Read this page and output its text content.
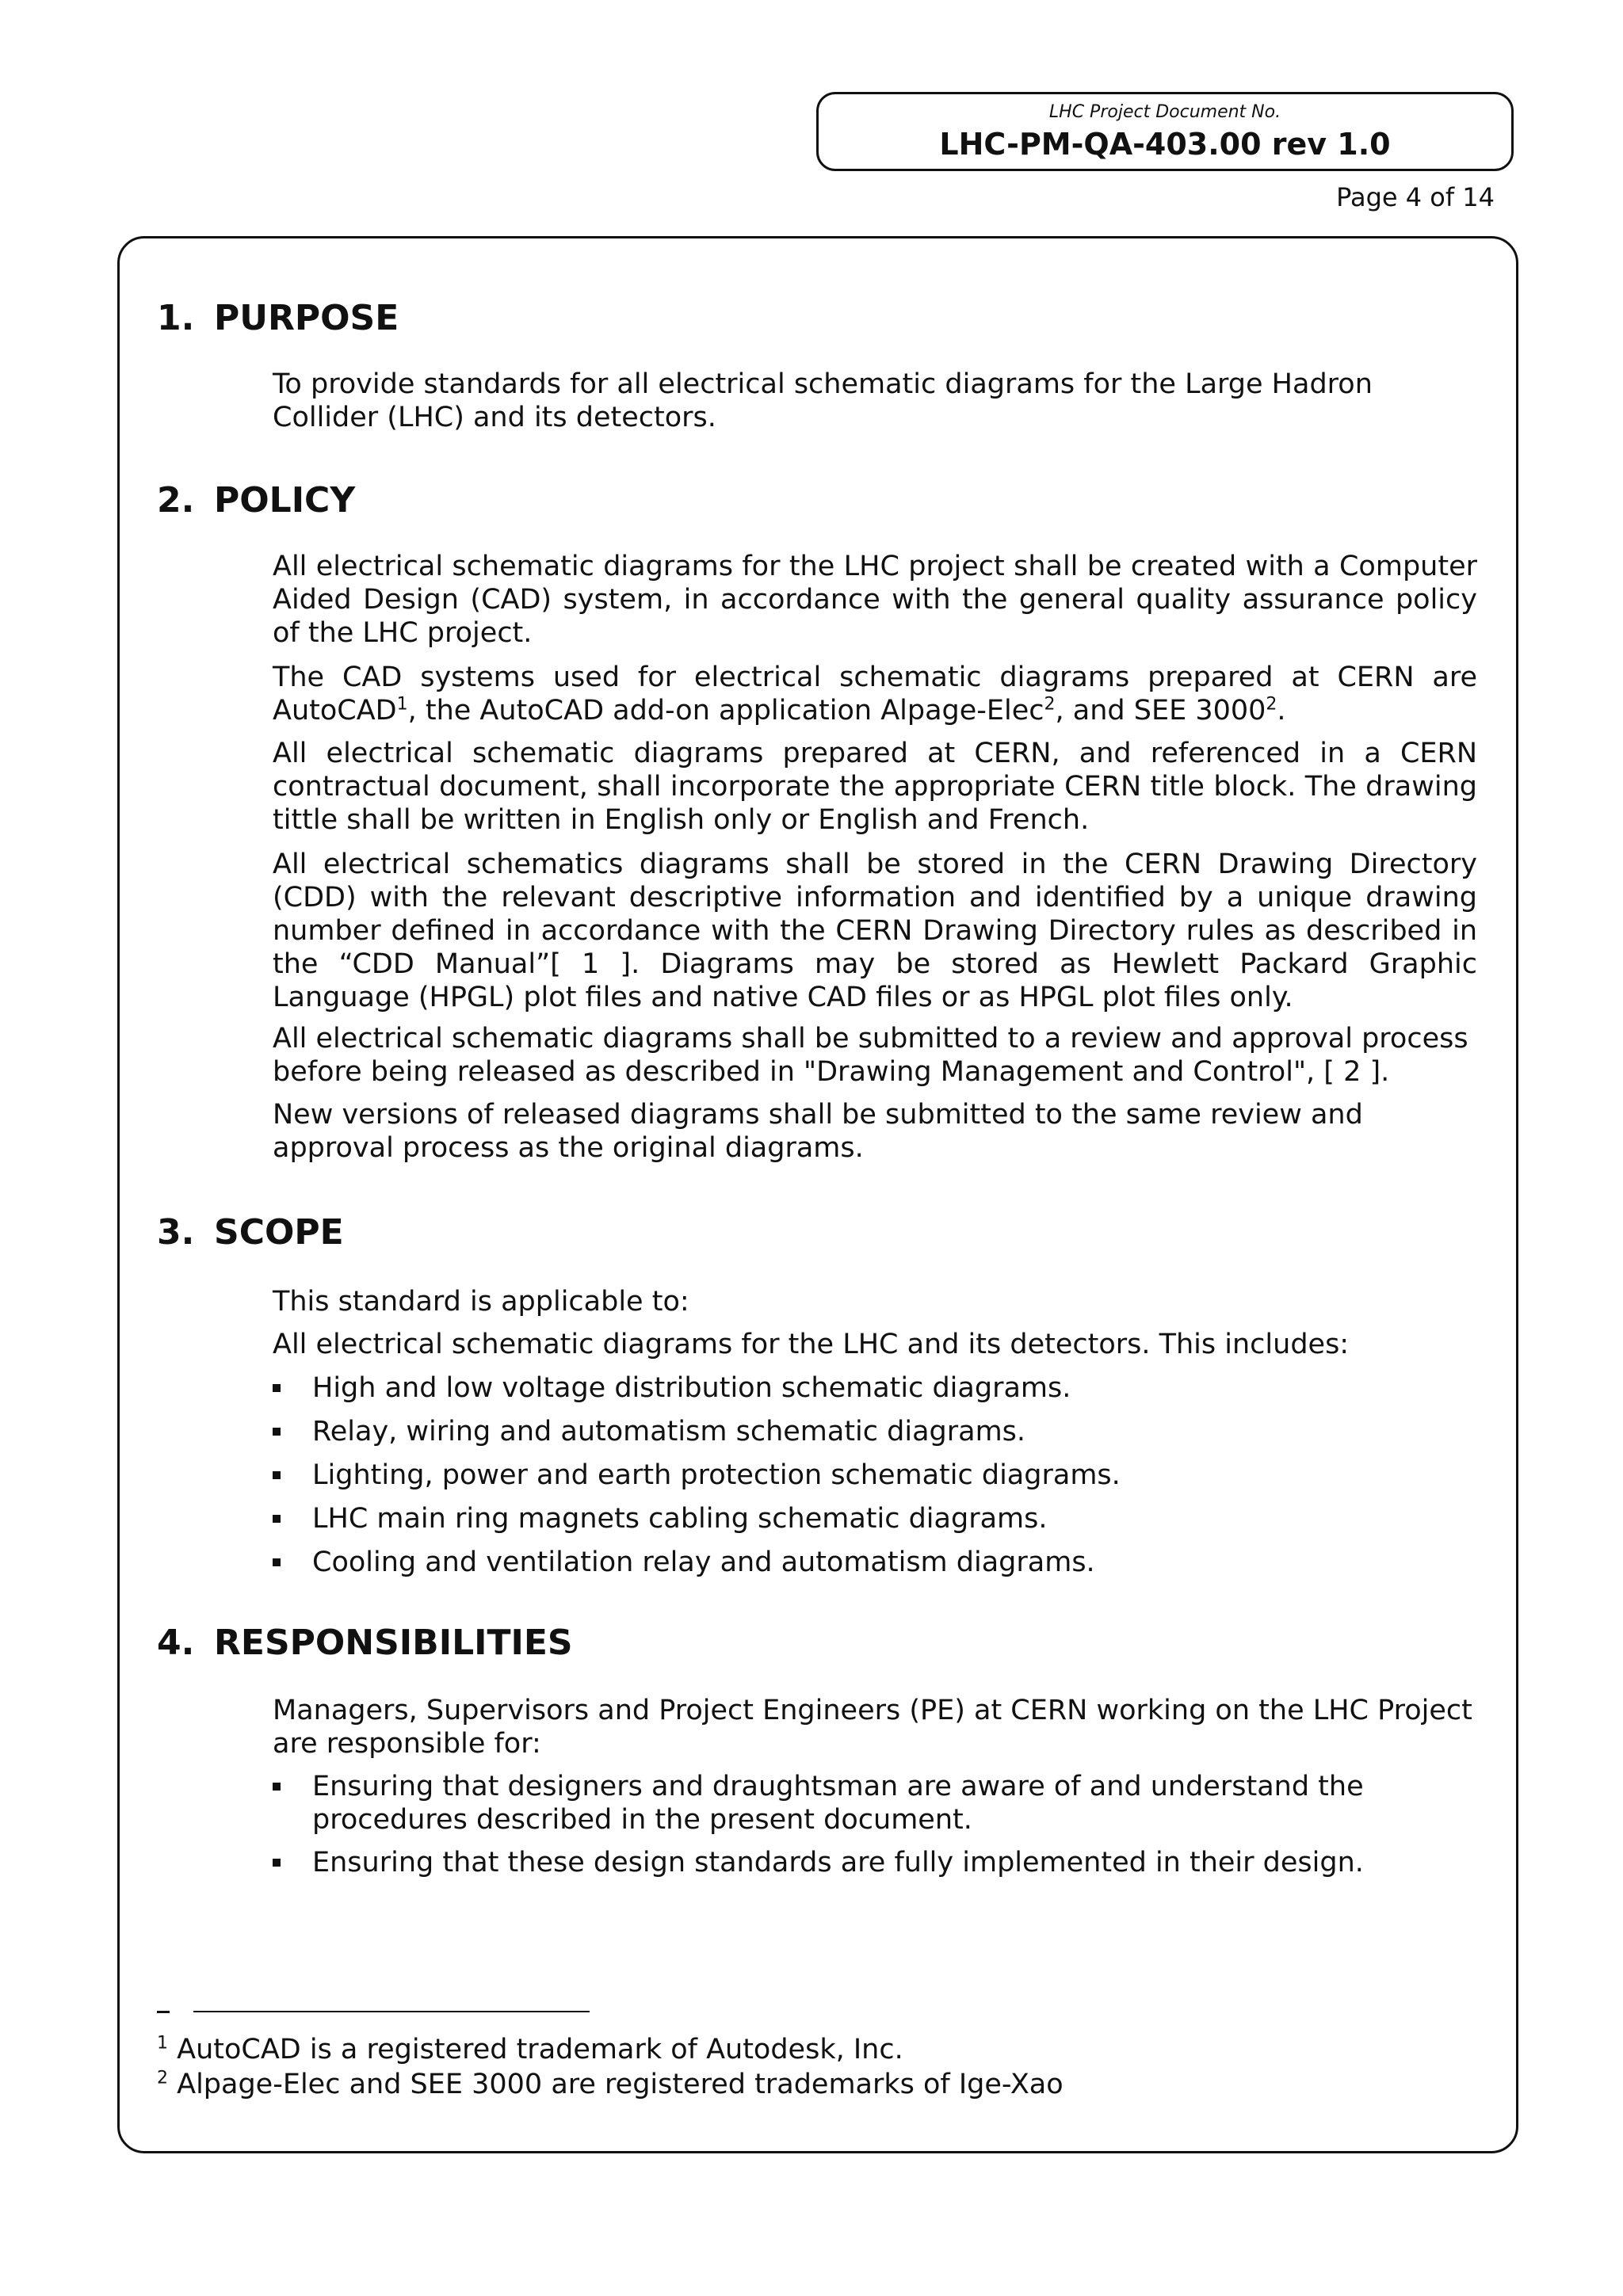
LHC Project Document No.
LHC-PM-QA-403.00 rev 1.0
Page 4 of 14
1. PURPOSE

To provide standards for all electrical schematic diagrams for the Large Hadron Collider (LHC) and its detectors.

2. POLICY

All electrical schematic diagrams for the LHC project shall be created with a Computer Aided Design (CAD) system, in accordance with the general quality assurance policy of the LHC project.

The CAD systems used for electrical schematic diagrams prepared at CERN are AutoCAD$^1$, the AutoCAD add-on application Alpage-Elec$^2$, and SEE 3000$^2$.

All electrical schematic diagrams prepared at CERN, and referenced in a CERN contractual document, shall incorporate the appropriate CERN title block. The drawing tittle shall be written in English only or English and French.

All electrical schematics diagrams shall be stored in the CERN Drawing Directory (CDD) with the relevant descriptive information and identified by a unique drawing number defined in accordance with the CERN Drawing Directory rules as described in the “CDD Manual”[ 1 ]. Diagrams may be stored as Hewlett Packard Graphic Language (HPGL) plot files and native CAD files or as HPGL plot files only.

All electrical schematic diagrams shall be submitted to a review and approval process before being released as described in "Drawing Management and Control", [ 2 ].

New versions of released diagrams shall be submitted to the same review and approval process as the original diagrams.

3. SCOPE

This standard is applicable to:

All electrical schematic diagrams for the LHC and its detectors. This includes:

High and low voltage distribution schematic diagrams.
Relay, wiring and automatism schematic diagrams.
Lighting, power and earth protection schematic diagrams.
LHC main ring magnets cabling schematic diagrams.
Cooling and ventilation relay and automatism diagrams.
4. RESPONSIBILITIES

Managers, Supervisors and Project Engineers (PE) at CERN working on the LHC Project are responsible for:

Ensuring that designers and draughtsman are aware of and understand the procedures described in the present document.
Ensuring that these design standards are fully implemented in their design.
$^1$ AutoCAD is a registered trademark of Autodesk, Inc.
$^2$ Alpage-Elec and SEE 3000 are registered trademarks of Ige-Xao
